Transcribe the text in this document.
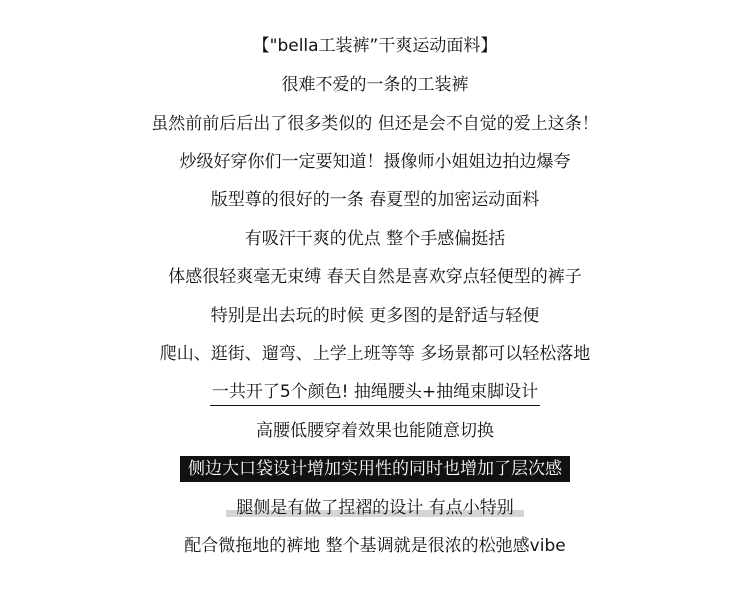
【"bella工装裤”干爽运动面料】
很难不爱的一条的工装裤
虽然前前后后出了很多类似的 但还是会不自觉的爱上这条！
炒级好穿你们一定要知道！摄像师小姐姐边拍边爆夸
版型尊的很好的一条 春夏型的加密运动面料
有吸汗干爽的优点 整个手感偏挺括
体感很轻爽毫无束缚 春天自然是喜欢穿点轻便型的裤子
特别是出去玩的时候 更多图的是舒适与轻便
爬山、逛街、遛弯、上学上班等等 多场景都可以轻松落地
一共开了5个颜色! 抽绳腰头+抽绳束脚设计
高腰低腰穿着效果也能随意切换
侧边大口袋设计增加实用性的同时也增加了层次感
腿侧是有做了捏褶的设计 有点小特别
配合微拖地的裤地 整个基调就是很浓的松弛感vibe
